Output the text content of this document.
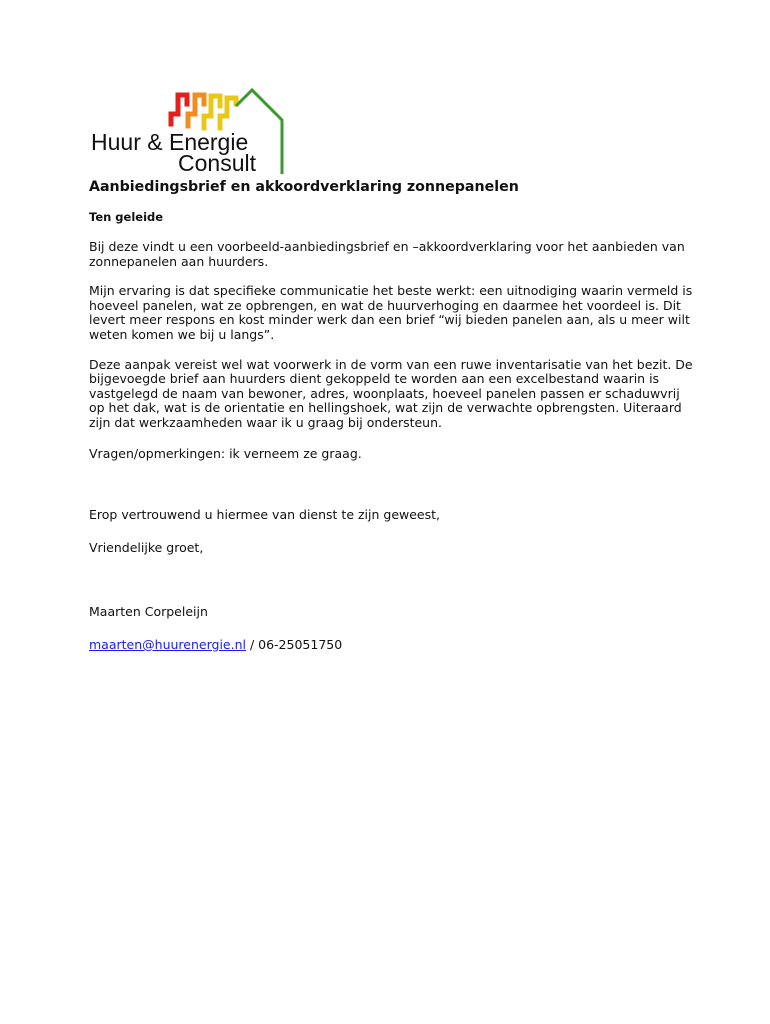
Huur & Energie
Consult
Aanbiedingsbrief en akkoordverklaring zonnepanelen
Ten geleide

Bij deze vindt u een voorbeeld-aanbiedingsbrief en –akkoordverklaring voor het aanbieden van zonnepanelen aan huurders.

Mijn ervaring is dat specifieke communicatie het beste werkt: een uitnodiging waarin vermeld is hoeveel panelen, wat ze opbrengen, en wat de huurverhoging en daarmee het voordeel is. Dit levert meer respons en kost minder werk dan een brief “wij bieden panelen aan, als u meer wilt weten komen we bij u langs”.

Deze aanpak vereist wel wat voorwerk in de vorm van een ruwe inventarisatie van het bezit. De bijgevoegde brief aan huurders dient gekoppeld te worden aan een excelbestand waarin is vastgelegd de naam van bewoner, adres, woonplaats, hoeveel panelen passen er schaduwvrij op het dak, wat is de orientatie en hellingshoek, wat zijn de verwachte opbrengsten. Uiteraard zijn dat werkzaamheden waar ik u graag bij ondersteun.

Vragen/opmerkingen: ik verneem ze graag.

Erop vertrouwend u hiermee van dienst te zijn geweest,

Vriendelijke groet,

Maarten Corpeleijn

maarten@huurenergie.nl / 06-25051750
